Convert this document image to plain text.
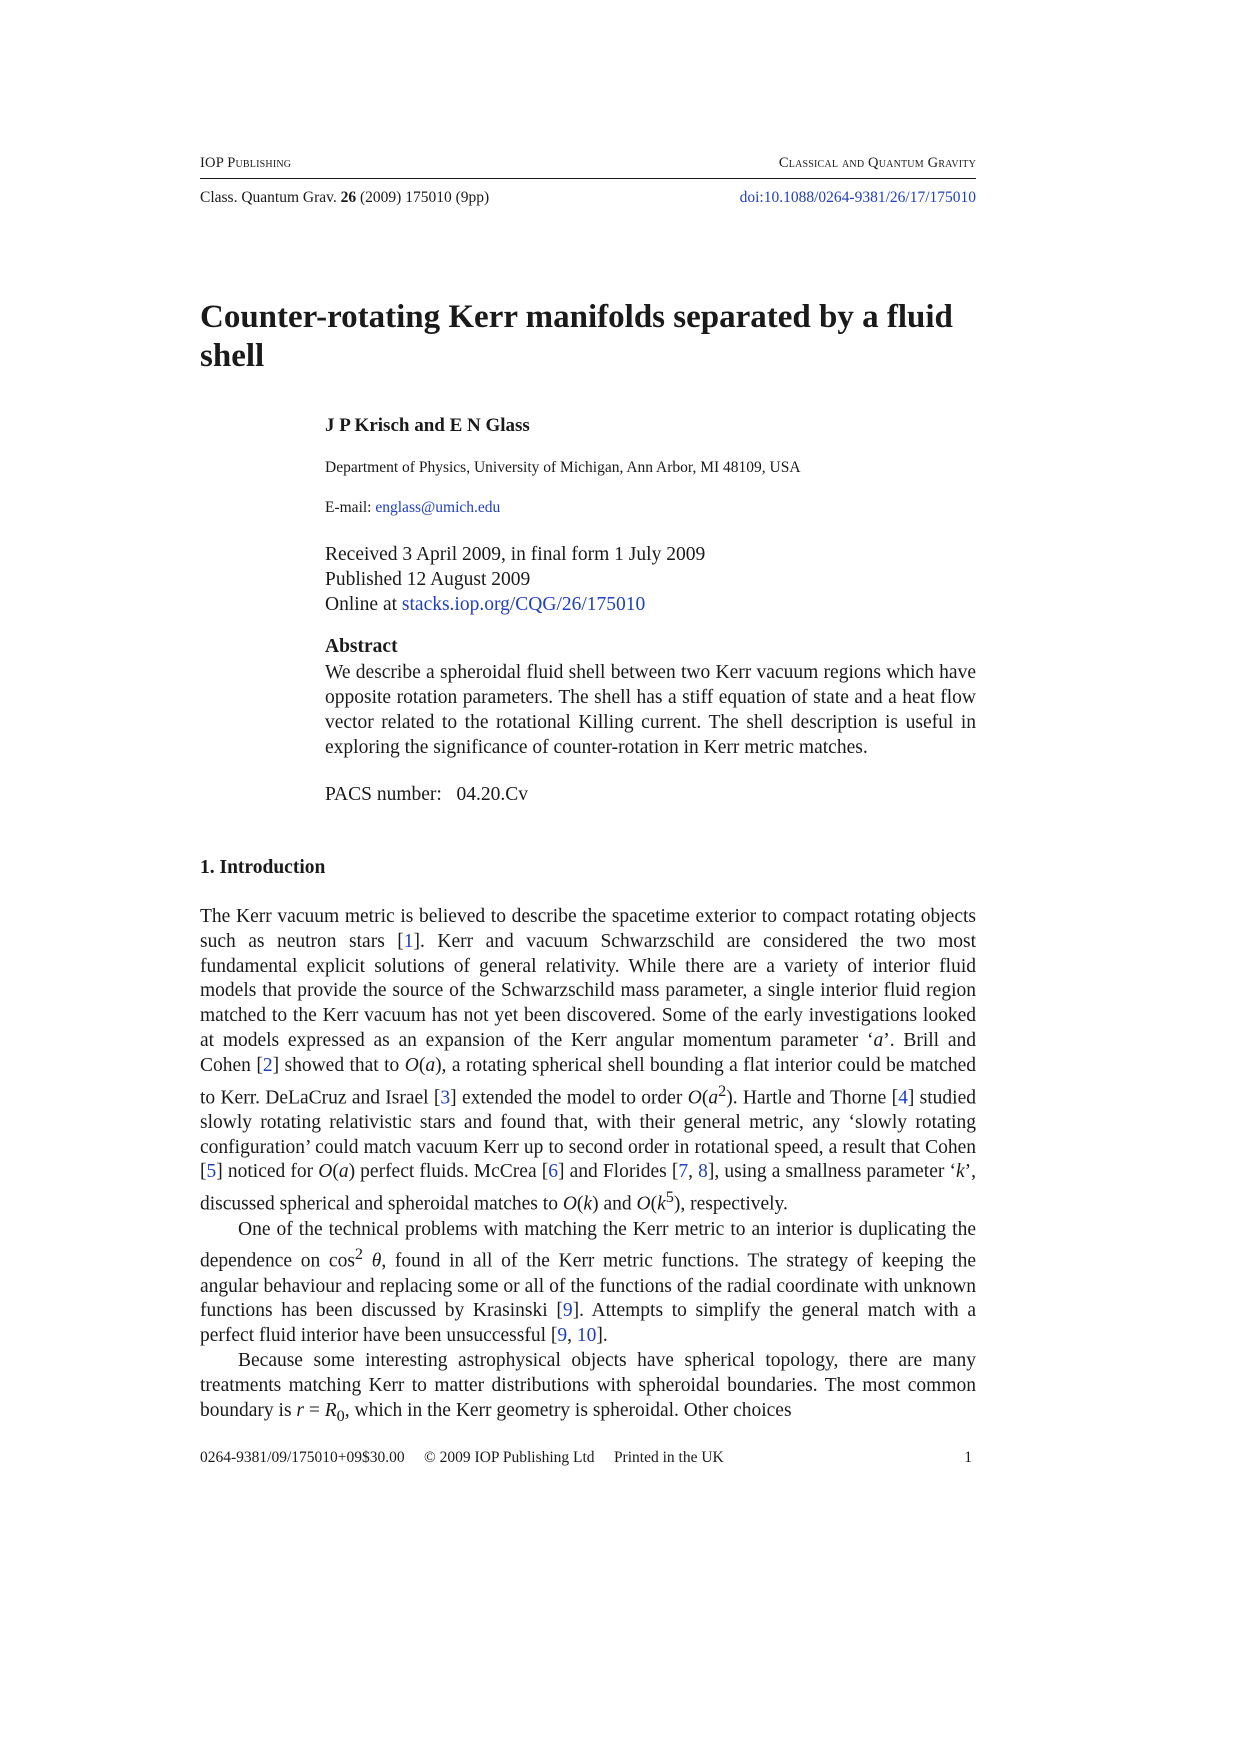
IOP Publishing	Classical and Quantum Gravity
Class. Quantum Grav. 26 (2009) 175010 (9pp)	doi:10.1088/0264-9381/26/17/175010
Counter-rotating Kerr manifolds separated by a fluid shell
J P Krisch and E N Glass
Department of Physics, University of Michigan, Ann Arbor, MI 48109, USA
E-mail: englass@umich.edu
Received 3 April 2009, in final form 1 July 2009
Published 12 August 2009
Online at stacks.iop.org/CQG/26/175010
Abstract
We describe a spheroidal fluid shell between two Kerr vacuum regions which have opposite rotation parameters. The shell has a stiff equation of state and a heat flow vector related to the rotational Killing current. The shell description is useful in exploring the significance of counter-rotation in Kerr metric matches.
PACS number: 04.20.Cv
1. Introduction

The Kerr vacuum metric is believed to describe the spacetime exterior to compact rotating objects such as neutron stars [1]. Kerr and vacuum Schwarzschild are considered the two most fundamental explicit solutions of general relativity. While there are a variety of interior fluid models that provide the source of the Schwarzschild mass parameter, a single interior fluid region matched to the Kerr vacuum has not yet been discovered. Some of the early investigations looked at models expressed as an expansion of the Kerr angular momentum parameter ‘a’. Brill and Cohen [2] showed that to O(a), a rotating spherical shell bounding a flat interior could be matched to Kerr. DeLaCruz and Israel [3] extended the model to order $O(a^2)$. Hartle and Thorne [4] studied slowly rotating relativistic stars and found that, with their general metric, any ‘slowly rotating configuration’ could match vacuum Kerr up to second order in rotational speed, a result that Cohen [5] noticed for O(a) perfect fluids. McCrea [6] and Florides [7, 8], using a smallness parameter ‘k’, discussed spherical and spheroidal matches to O(k) and $O(k^5)$, respectively.

One of the technical problems with matching the Kerr metric to an interior is duplicating the dependence on $\cos^2 \theta$, found in all of the Kerr metric functions. The strategy of keeping the angular behaviour and replacing some or all of the functions of the radial coordinate with unknown functions has been discussed by Krasinski [9]. Attempts to simplify the general match with a perfect fluid interior have been unsuccessful [9, 10].

Because some interesting astrophysical objects have spherical topology, there are many treatments matching Kerr to matter distributions with spheroidal boundaries. The most common boundary is $r = R_0$, which in the Kerr geometry is spheroidal. Other choices

0264-9381/09/175010+09$30.00 © 2009 IOP Publishing Ltd Printed in the UK	1
